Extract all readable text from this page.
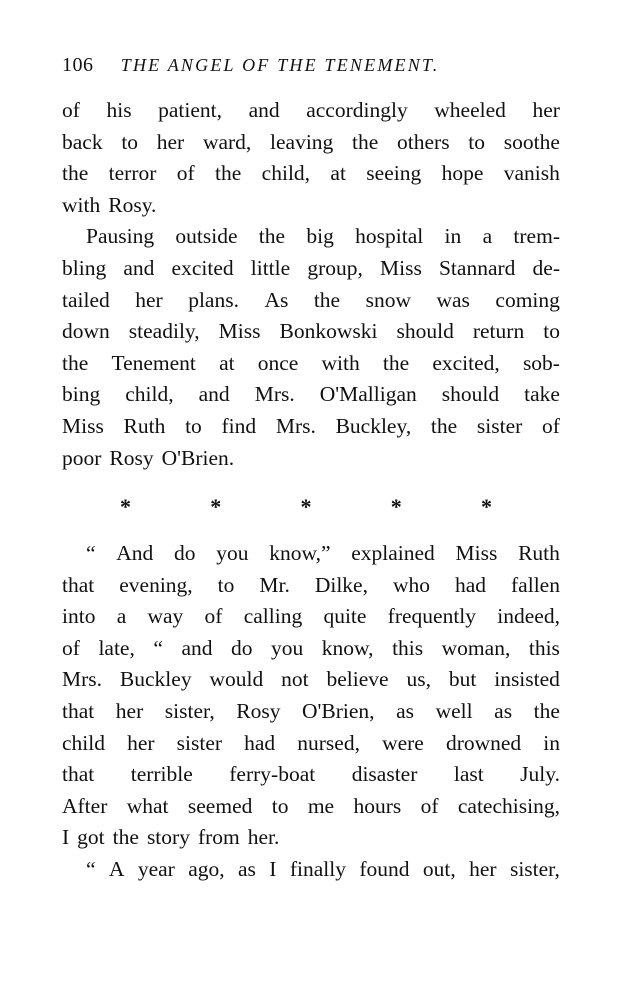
106 THE ANGEL OF THE TENEMENT.
of his patient, and accordingly wheeled her
back to her ward, leaving the others to soothe
the terror of the child, at seeing hope vanish
with Rosy.
Pausing outside the big hospital in a trem-
bling and excited little group, Miss Stannard de-
tailed her plans. As the snow was coming
down steadily, Miss Bonkowski should return to
the Tenement at once with the excited, sob-
bing child, and Mrs. O'Malligan should take
Miss Ruth to find Mrs. Buckley, the sister of
poor Rosy O'Brien.
*	*	*	*	*
“ And do you know,” explained Miss Ruth
that evening, to Mr. Dilke, who had fallen
into a way of calling quite frequently indeed,
of late, “ and do you know, this woman, this
Mrs. Buckley would not believe us, but insisted
that her sister, Rosy O'Brien, as well as the
child her sister had nursed, were drowned in
that terrible ferry-boat disaster last July.
After what seemed to me hours of catechising,
I got the story from her.
“ A year ago, as I finally found out, her sister,
